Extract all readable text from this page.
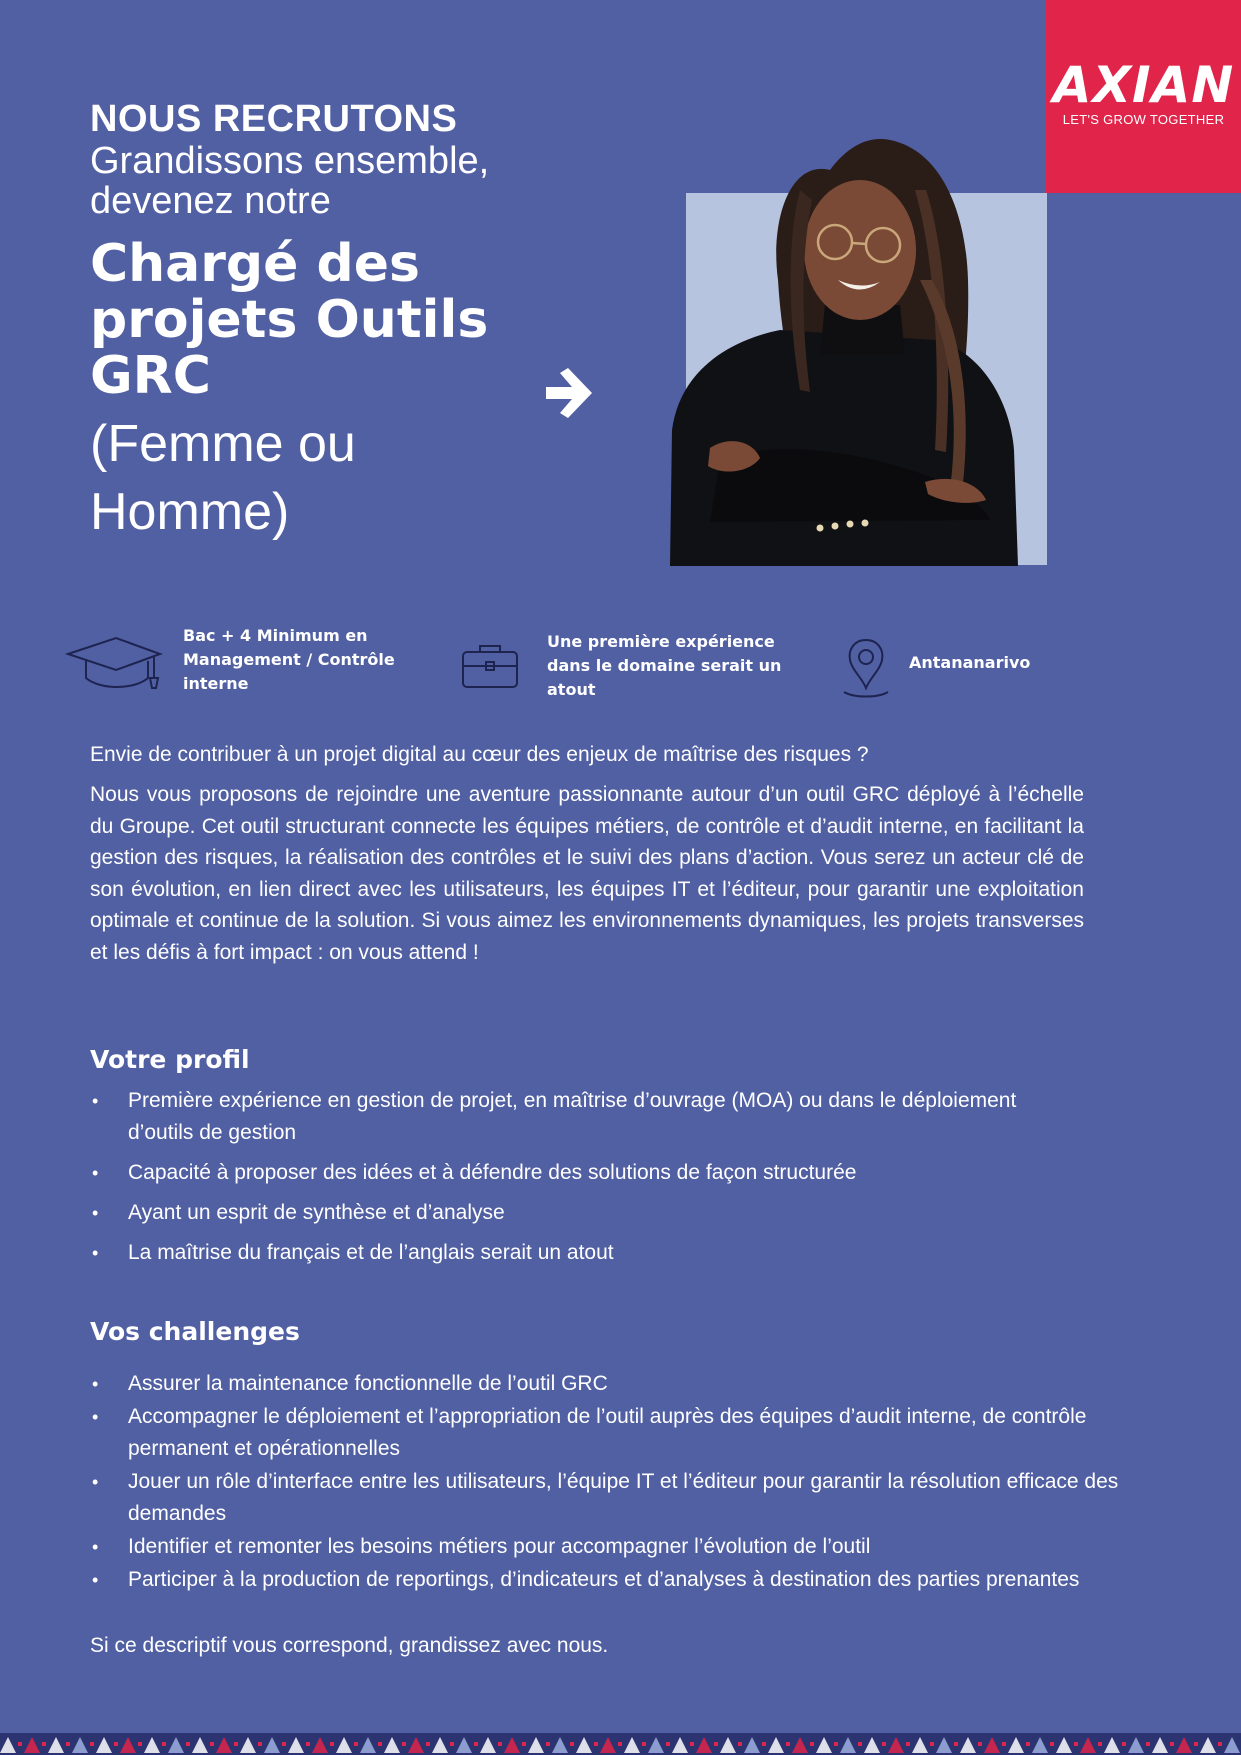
AXIAN
LET'S GROW TOGETHER
NOUS RECRUTONS
Grandissons ensemble, devenez notre
Chargé des projets Outils GRC
(Femme ou Homme)
Bac + 4 Minimum en Management / Contrôle interne
Une première expérience dans le domaine serait un atout
Antananarivo
Envie de contribuer à un projet digital au cœur des enjeux de maîtrise des risques ?
Nous vous proposons de rejoindre une aventure passionnante autour d’un outil GRC déployé à l’échelle du Groupe. Cet outil structurant connecte les équipes métiers, de contrôle et d’audit interne, en facilitant la gestion des risques, la réalisation des contrôles et le suivi des plans d’action. Vous serez un acteur clé de son évolution, en lien direct avec les utilisateurs, les équipes IT et l’éditeur, pour garantir une exploitation optimale et continue de la solution. Si vous aimez les environnements dynamiques, les projets transverses et les défis à fort impact : on vous attend !
Votre profil
• Première expérience en gestion de projet, en maîtrise d’ouvrage (MOA) ou dans le déploiement d’outils de gestion
• Capacité à proposer des idées et à défendre des solutions de façon structurée
• Ayant un esprit de synthèse et d’analyse
• La maîtrise du français et de l’anglais serait un atout
Vos challenges
• Assurer la maintenance fonctionnelle de l’outil GRC
• Accompagner le déploiement et l’appropriation de l’outil auprès des équipes d’audit interne, de contrôle permanent et opérationnelles
• Jouer un rôle d’interface entre les utilisateurs, l’équipe IT et l’éditeur pour garantir la résolution efficace des demandes
• Identifier et remonter les besoins métiers pour accompagner l’évolution de l’outil
• Participer à la production de reportings, d’indicateurs et d’analyses à destination des parties prenantes
Si ce descriptif vous correspond, grandissez avec nous.
